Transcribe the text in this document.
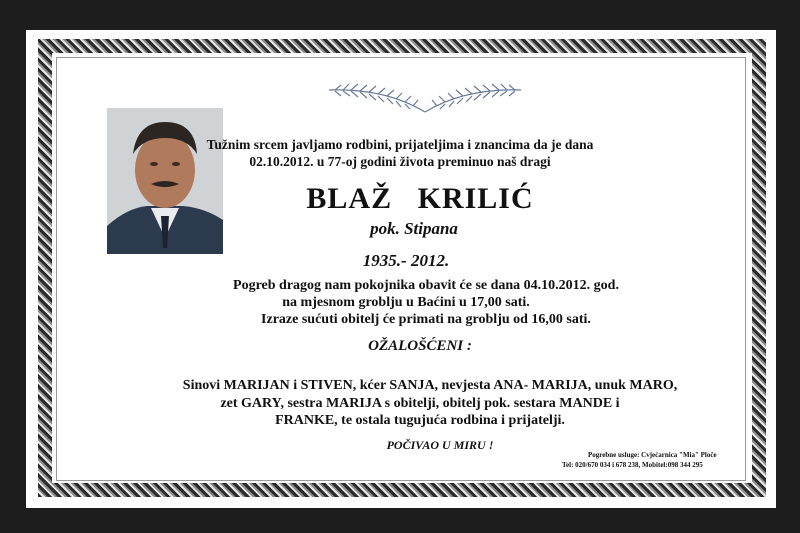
Tužnim srcem javljamo rodbini, prijateljima i znancima da je dana
02.10.2012. u 77-oj godini života preminuo naš dragi
BLAŽ   KRILIĆ
pok. Stipana
1935.- 2012.
Pogreb dragog nam pokojnika obavit će se dana 04.10.2012. god.
na mjesnom groblju u Baćini u 17,00 sati.
Izraze sućuti obitelj će primati na groblju od 16,00 sati.
OŽALOŠĆENI :
Sinovi MARIJAN i STIVEN, kćer SANJA, nevjesta ANA- MARIJA, unuk MARO,
zet GARY, sestra MARIJA s obitelji, obitelj pok. sestara MANDE i
FRANKE, te ostala tugujuća rodbina i prijatelji.
POČIVAO U MIRU !
Pogrebne usluge: Cvjećarnica "Mia" Ploče
Tel: 020/670 034 i 678 238, Mobitel:098 344 295
